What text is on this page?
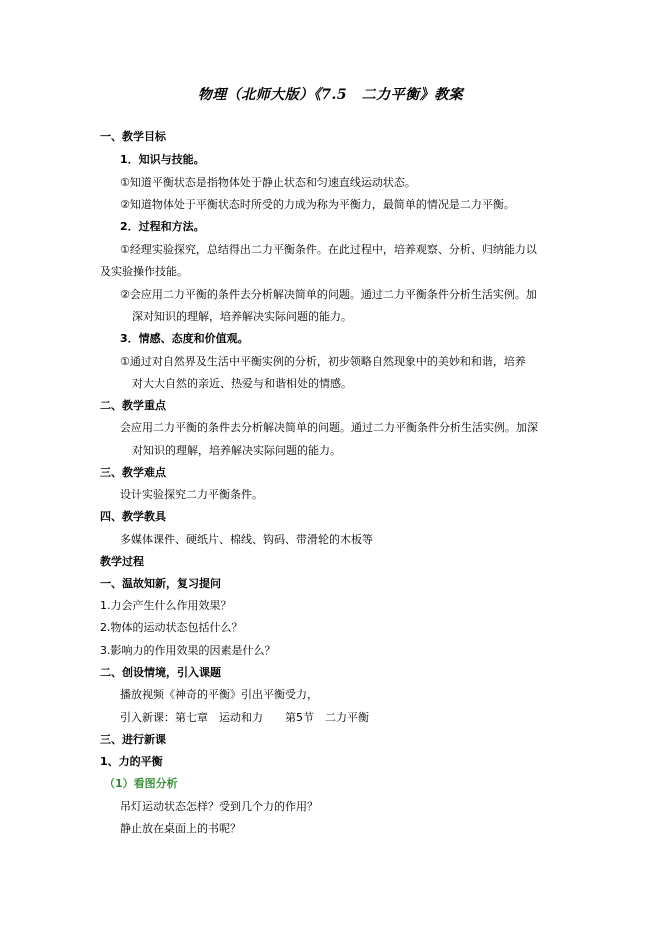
物理（北师大版）《7.5　二力平衡》教案
一、教学目标
1．知识与技能。
①知道平衡状态是指物体处于静止状态和匀速直线运动状态。
②知道物体处于平衡状态时所受的力成为称为平衡力，最简单的情况是二力平衡。
2．过程和方法。
①经理实验探究，总结得出二力平衡条件。在此过程中，培养观察、分析、归纳能力以
及实验操作技能。
②会应用二力平衡的条件去分析解决简单的问题。通过二力平衡条件分析生活实例。加
深对知识的理解，培养解决实际问题的能力。
3．情感、态度和价值观。
①通过对自然界及生活中平衡实例的分析，初步领略自然现象中的美妙和和谐，培养
对大大自然的亲近、热爱与和谐相处的情感。
二、教学重点
会应用二力平衡的条件去分析解决简单的问题。通过二力平衡条件分析生活实例。加深
对知识的理解，培养解决实际问题的能力。
三、教学难点
设计实验探究二力平衡条件。
四、教学教具
多媒体课件、硬纸片、棉线、钩码、带滑轮的木板等
教学过程
一、温故知新，复习提问
1.力会产生什么作用效果？
2.物体的运动状态包括什么？
3.影响力的作用效果的因素是什么？
二、创设情境，引入课题
播放视频《神奇的平衡》引出平衡受力，
引入新课：第七章　运动和力　　第5节　二力平衡
三、进行新课
1、力的平衡
（1）看图分析
吊灯运动状态怎样？受到几个力的作用？
静止放在桌面上的书呢？
